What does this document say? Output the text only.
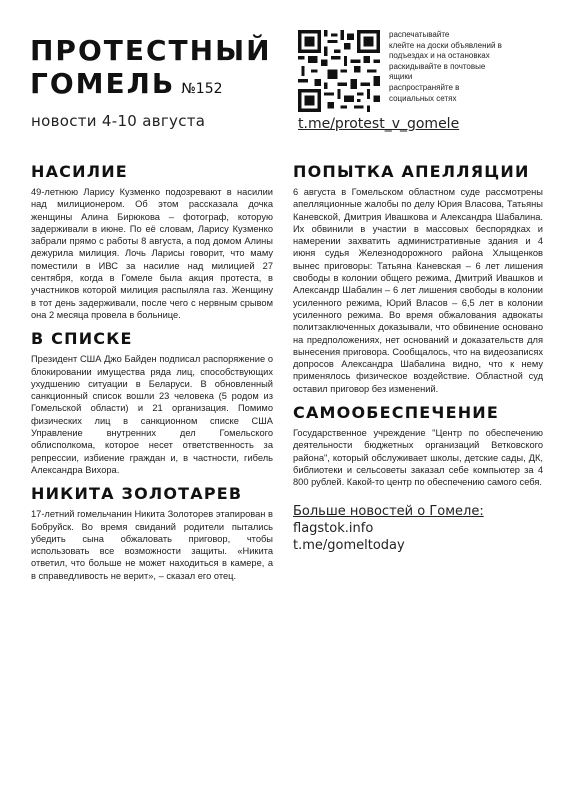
ПРОТЕСТНЫЙ
ГОМЕЛЬ №152
новости 4-10 августа
распечатывайте
клейте на доски объявлений в
подъездах и на остановках
раскидывайте в почтовые
ящики
распространяйте в
социальных сетях
t.me/protest_v_gomele
НАСИЛИЕ

49-летнюю Ларису Кузменко подозревают в насилии над милиционером. Об этом рассказала дочка женщины Алина Бирюкова – фотограф, которую задерживали в июне. По её словам, Ларису Кузменко забрали прямо с работы 8 августа, а под домом Алины дежурила милиция. Лочь Ларисы говорит, что маму поместили в ИВС за насилие над милицией 27 сентября, когда в Гомеле была акция протеста, в участников которой милиция распыляла газ. Женщину в тот день задерживали, после чего с нервным срывом она 2 месяца провела в больнице.

В СПИСКЕ

Президент США Джо Байден подписал распоряжение о блокировании имущества ряда лиц, способствующих ухудшению ситуации в Беларуси. В обновленный санкционный список вошли 23 человека (5 родом из Гомельской области) и 21 организация. Помимо физических лиц в санкционном списке США Управление внутренних дел Гомельского облисполкома, которое несет ответственность за репрессии, избиение граждан и, в частности, гибель Александра Вихора.

НИКИТА ЗОЛОТАРЕВ

17-летний гомельчанин Никита Золоторев этапирован в Бобруйск. Во время свиданий родители пытались убедить сына обжаловать приговор, чтобы использовать все возможности защиты. «Никита ответил, что больше не может находиться в камере, а в справедливость не верит», – сказал его отец.

ПОПЫТКА АПЕЛЛЯЦИИ

6 августа в Гомельском областном суде рассмотрены апелляционные жалобы по делу Юрия Власова, Татьяны Каневской, Дмитрия Ивашкова и Александра Шабалина. Их обвинили в участии в массовых беспорядках и намерении захватить административные здания и 4 июня судья Железнодорожного района Хлыщенков вынес приговоры: Татьяна Каневская – 6 лет лишения свободы в колонии общего режима, Дмитрий Ивашков и Александр Шабалин – 6 лет лишения свободы в колонии усиленного режима, Юрий Власов – 6,5 лет в колонии усиленного режима. Во время обжалования адвокаты политзаключенных доказывали, что обвинение основано на предположениях, нет оснований и доказательств для вынесения приговора. Сообщалось, что на видеозаписях допросов Александра Шабалина видно, что к нему применялось физическое воздействие. Областной суд оставил приговор без изменений.

САМООБЕСПЕЧЕНИЕ

Государственное учреждение "Центр по обеспечению деятельности бюджетных организаций Ветковского района", который обслуживает школы, детские сады, ДК, библиотеки и сельсоветы заказал себе компьютер за 4 800 рублей. Какой-то центр по обеспечению самого себя.

Больше новостей о Гомеле:
flagstok.info
t.me/gomeltoday
